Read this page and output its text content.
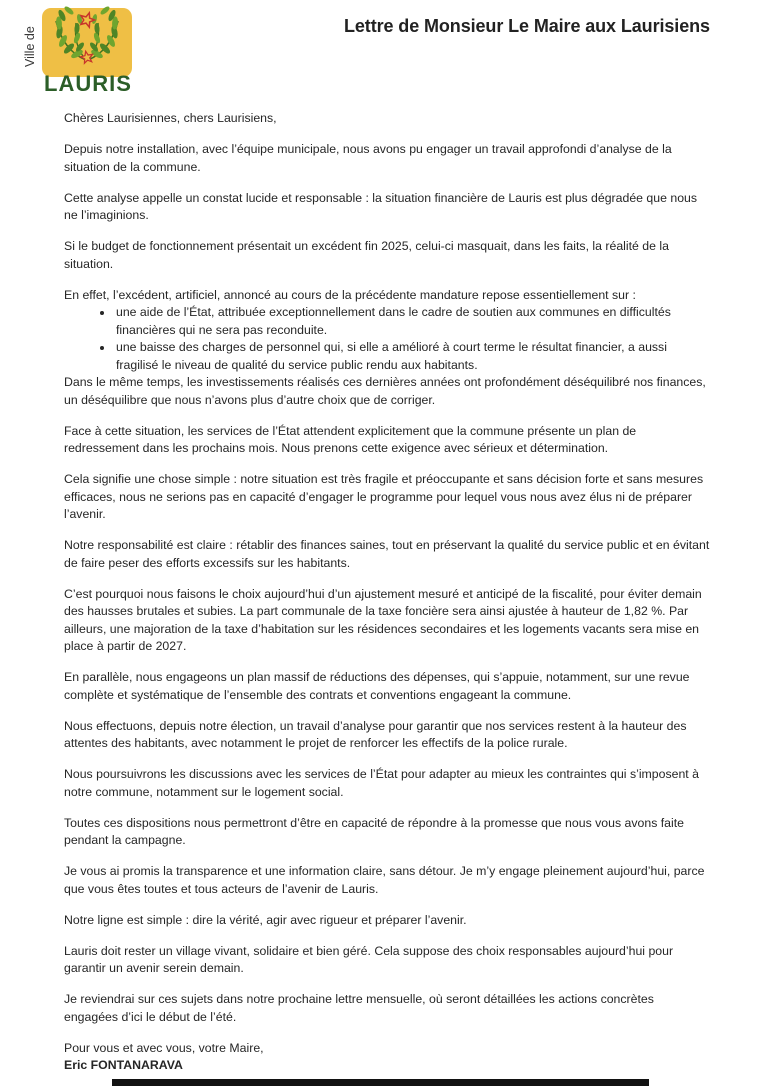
Ville de
LAURIS
Lettre de Monsieur Le Maire aux Laurisiens

Chères Laurisiennes, chers Laurisiens,

Depuis notre installation, avec l’équipe municipale, nous avons pu engager un travail approfondi d’analyse de la situation de la commune.

Cette analyse appelle un constat lucide et responsable : la situation financière de Lauris est plus dégradée que nous ne l’imaginions.

Si le budget de fonctionnement présentait un excédent fin 2025, celui-ci masquait, dans les faits, la réalité de la situation.

En effet, l’excédent, artificiel, annoncé au cours de la précédente mandature repose essentiellement sur :

• une aide de l’État, attribuée exceptionnellement dans le cadre de soutien aux communes en difficultés financières qui ne sera pas reconduite.
• une baisse des charges de personnel qui, si elle a amélioré à court terme le résultat financier, a aussi fragilisé le niveau de qualité du service public rendu aux habitants.

Dans le même temps, les investissements réalisés ces dernières années ont profondément déséquilibré nos finances, un déséquilibre que nous n’avons plus d’autre choix que de corriger.

Face à cette situation, les services de l’État attendent explicitement que la commune présente un plan de redressement dans les prochains mois. Nous prenons cette exigence avec sérieux et détermination.

Cela signifie une chose simple : notre situation est très fragile et préoccupante et sans décision forte et sans mesures efficaces, nous ne serions pas en capacité d’engager le programme pour lequel vous nous avez élus ni de préparer l’avenir.

Notre responsabilité est claire : rétablir des finances saines, tout en préservant la qualité du service public et en évitant de faire peser des efforts excessifs sur les habitants.

C’est pourquoi nous faisons le choix aujourd’hui d’un ajustement mesuré et anticipé de la fiscalité, pour éviter demain des hausses brutales et subies. La part communale de la taxe foncière sera ainsi ajustée à hauteur de 1,82 %. Par ailleurs, une majoration de la taxe d’habitation sur les résidences secondaires et les logements vacants sera mise en place à partir de 2027.

En parallèle, nous engageons un plan massif de réductions des dépenses, qui s’appuie, notamment, sur une revue complète et systématique de l’ensemble des contrats et conventions engageant la commune.

Nous effectuons, depuis notre élection, un travail d’analyse pour garantir que nos services restent à la hauteur des attentes des habitants, avec notamment le projet de renforcer les effectifs de la police rurale.

Nous poursuivrons les discussions avec les services de l’État pour adapter au mieux les contraintes qui s’imposent à notre commune, notamment sur le logement social.

Toutes ces dispositions nous permettront d’être en capacité de répondre à la promesse que nous vous avons faite pendant la campagne.

Je vous ai promis la transparence et une information claire, sans détour. Je m’y engage pleinement aujourd’hui, parce que vous êtes toutes et tous acteurs de l’avenir de Lauris.

Notre ligne est simple : dire la vérité, agir avec rigueur et préparer l’avenir.

Lauris doit rester un village vivant, solidaire et bien géré. Cela suppose des choix responsables aujourd’hui pour garantir un avenir serein demain.

Je reviendrai sur ces sujets dans notre prochaine lettre mensuelle, où seront détaillées les actions concrètes engagées d’ici le début de l’été.

Pour vous et avec vous, votre Maire,

Eric FONTANARAVA
